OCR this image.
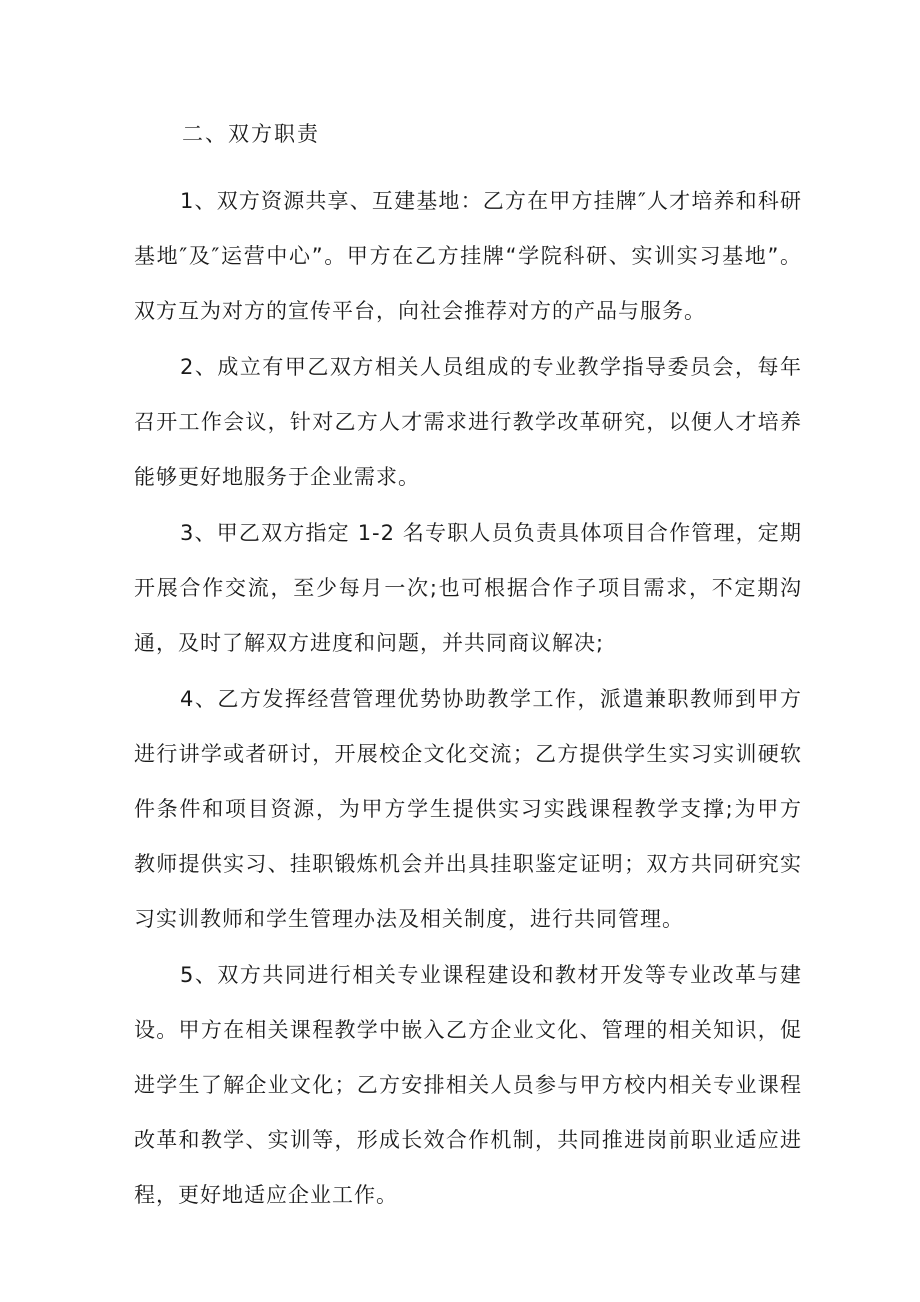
二、双方职责

1、双方资源共享、互建基地：乙方在甲方挂牌″人才培养和科研基地″及″运营中心”。甲方在乙方挂牌“学院科研、实训实习基地”。双方互为对方的宣传平台，向社会推荐对方的产品与服务。

2、成立有甲乙双方相关人员组成的专业教学指导委员会，每年召开工作会议，针对乙方人才需求进行教学改革研究，以便人才培养能够更好地服务于企业需求。

3、甲乙双方指定 1-2 名专职人员负责具体项目合作管理，定期开展合作交流，至少每月一次;也可根据合作子项目需求，不定期沟通，及时了解双方进度和问题，并共同商议解决;

4、乙方发挥经营管理优势协助教学工作，派遣兼职教师到甲方进行讲学或者研讨，开展校企文化交流；乙方提供学生实习实训硬软件条件和项目资源，为甲方学生提供实习实践课程教学支撑;为甲方教师提供实习、挂职锻炼机会并出具挂职鉴定证明；双方共同研究实习实训教师和学生管理办法及相关制度，进行共同管理。

5、双方共同进行相关专业课程建设和教材开发等专业改革与建设。甲方在相关课程教学中嵌入乙方企业文化、管理的相关知识，促进学生了解企业文化；乙方安排相关人员参与甲方校内相关专业课程改革和教学、实训等，形成长效合作机制，共同推进岗前职业适应进程，更好地适应企业工作。
